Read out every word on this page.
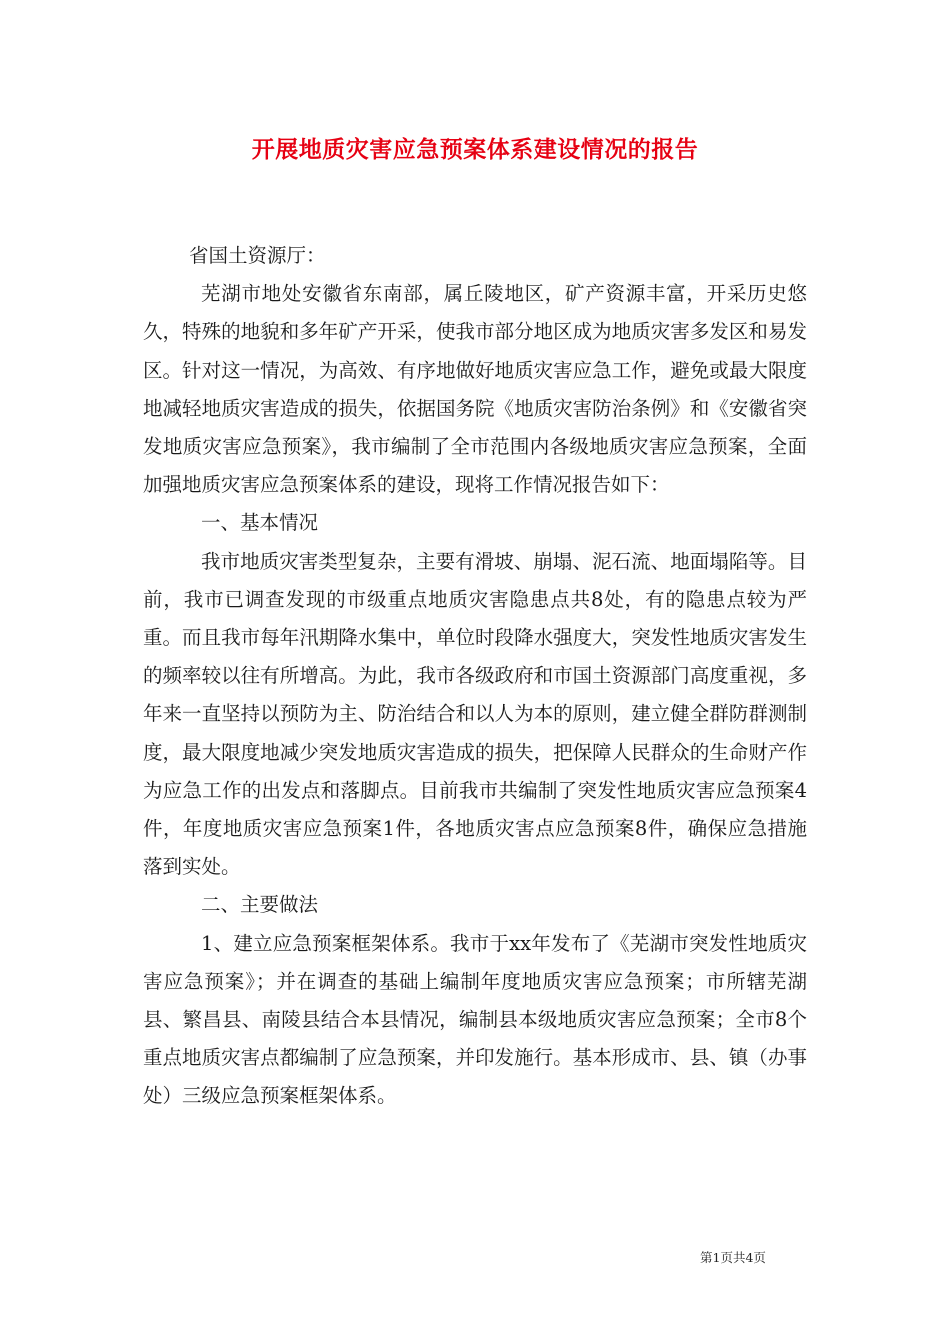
开展地质灾害应急预案体系建设情况的报告

省国土资源厅：

芜湖市地处安徽省东南部，属丘陵地区，矿产资源丰富，开采历史悠久，特殊的地貌和多年矿产开采，使我市部分地区成为地质灾害多发区和易发区。针对这一情况，为高效、有序地做好地质灾害应急工作，避免或最大限度地减轻地质灾害造成的损失，依据国务院《地质灾害防治条例》和《安徽省突发地质灾害应急预案》，我市编制了全市范围内各级地质灾害应急预案，全面加强地质灾害应急预案体系的建设，现将工作情况报告如下：

一、基本情况

我市地质灾害类型复杂，主要有滑坡、崩塌、泥石流、地面塌陷等。目前，我市已调查发现的市级重点地质灾害隐患点共8处，有的隐患点较为严重。而且我市每年汛期降水集中，单位时段降水强度大，突发性地质灾害发生的频率较以往有所增高。为此，我市各级政府和市国土资源部门高度重视，多年来一直坚持以预防为主、防治结合和以人为本的原则，建立健全群防群测制度，最大限度地减少突发地质灾害造成的损失，把保障人民群众的生命财产作为应急工作的出发点和落脚点。目前我市共编制了突发性地质灾害应急预案4件，年度地质灾害应急预案1件，各地质灾害点应急预案8件，确保应急措施落到实处。

二、主要做法

1、建立应急预案框架体系。我市于xx年发布了《芜湖市突发性地质灾害应急预案》；并在调查的基础上编制年度地质灾害应急预案；市所辖芜湖县、繁昌县、南陵县结合本县情况，编制县本级地质灾害应急预案；全市8个重点地质灾害点都编制了应急预案，并印发施行。基本形成市、县、镇（办事处）三级应急预案框架体系。

第1页共4页
